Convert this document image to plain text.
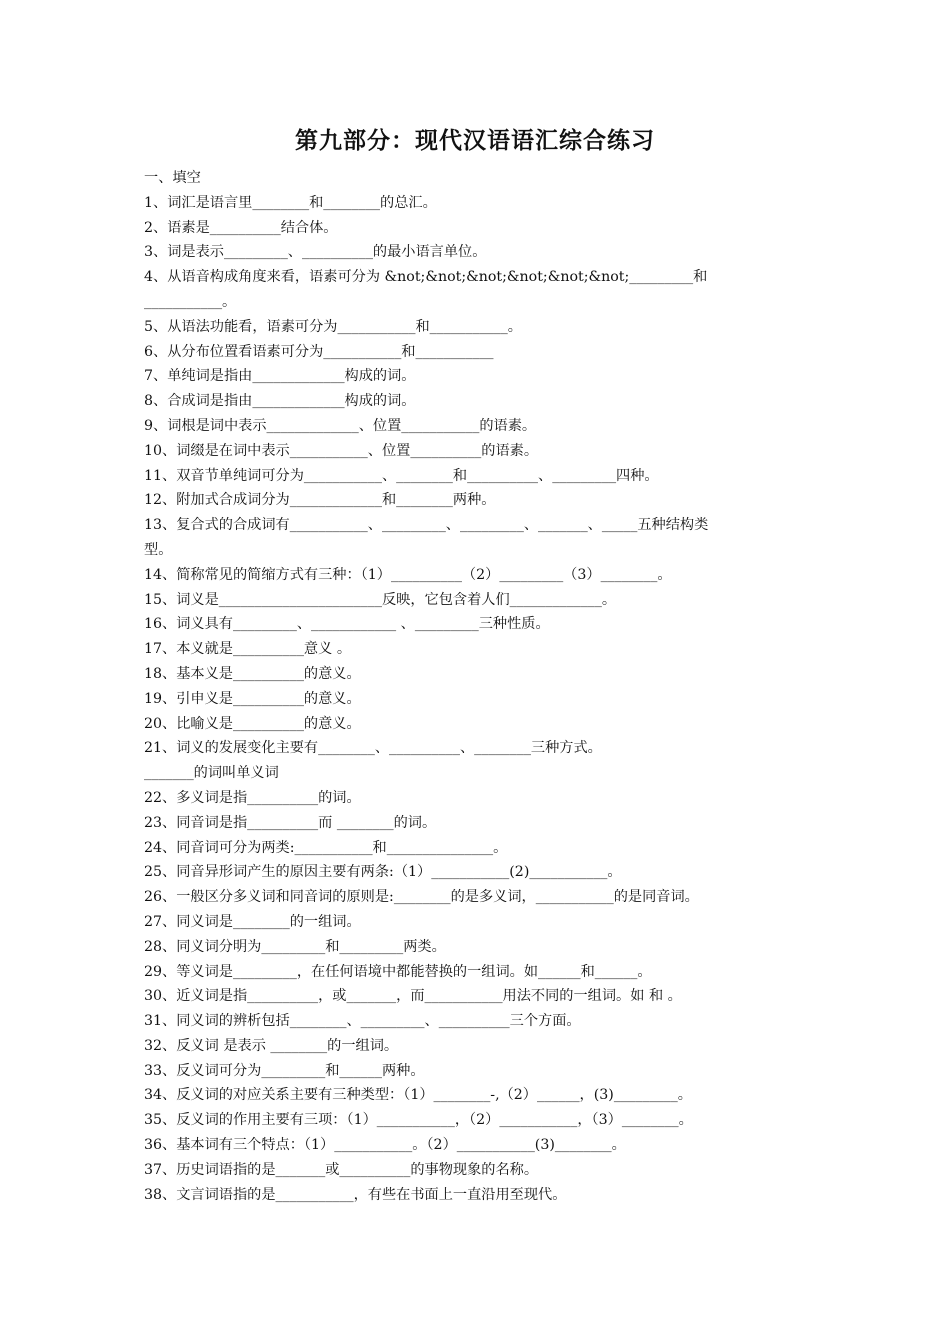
第九部分：现代汉语语汇综合练习
一、填空
1、词汇是语言里________和________的总汇。
2、语素是__________结合体。
3、词是表示_________、__________的最小语言单位。
4、从语音构成角度来看，语素可分为 &not;&not;&not;&not;&not;&not;_________和
___________。
5、从语法功能看，语素可分为___________和___________。
6、从分布位置看语素可分为___________和___________
7、单纯词是指由_____________构成的词。
8、合成词是指由_____________构成的词。
9、词根是词中表示_____________、位置___________的语素。
10、词缀是在词中表示___________、位置__________的语素。
11、双音节单纯词可分为___________、________和__________、_________四种。
12、附加式合成词分为_____________和________两种。
13、复合式的合成词有___________、_________、_________、_______、_____五种结构类
型。
14、简称常见的简缩方式有三种：（1）__________（2）_________（3）________。
15、词义是_______________________反映，它包含着人们_____________。
16、词义具有_________、____________ 、_________三种性质。
17、本义就是__________意义 。
18、基本义是__________的意义。
19、引申义是__________的意义。
20、比喻义是__________的意义。
21、词义的发展变化主要有________、__________、________三种方式。
_______的词叫单义词
22、多义词是指__________的词。
23、同音词是指__________而 ________的词。
24、同音词可分为两类:___________和_______________。
25、同音异形词产生的原因主要有两条:（1）___________(2)___________。
26、一般区分多义词和同音词的原则是:________的是多义词，___________的是同音词。
27、同义词是________的一组词。
28、同义词分明为_________和_________两类。
29、等义词是_________，在任何语境中都能替换的一组词。如______和______。
30、近义词是指__________，或_______，而___________用法不同的一组词。如 和 。
31、同义词的辨析包括________、_________、__________三个方面。
32、反义词 是表示 ________的一组词。
33、反义词可分为_________和______两种。
34、反义词的对应关系主要有三种类型：（1）________-,（2）______，(3)_________。
35、反义词的作用主要有三项：（1）___________，（2）___________，（3）________。
36、基本词有三个特点：（1）___________。（2）___________(3)________。
37、历史词语指的是_______或__________的事物现象的名称。
38、文言词语指的是___________，有些在书面上一直沿用至现代。
